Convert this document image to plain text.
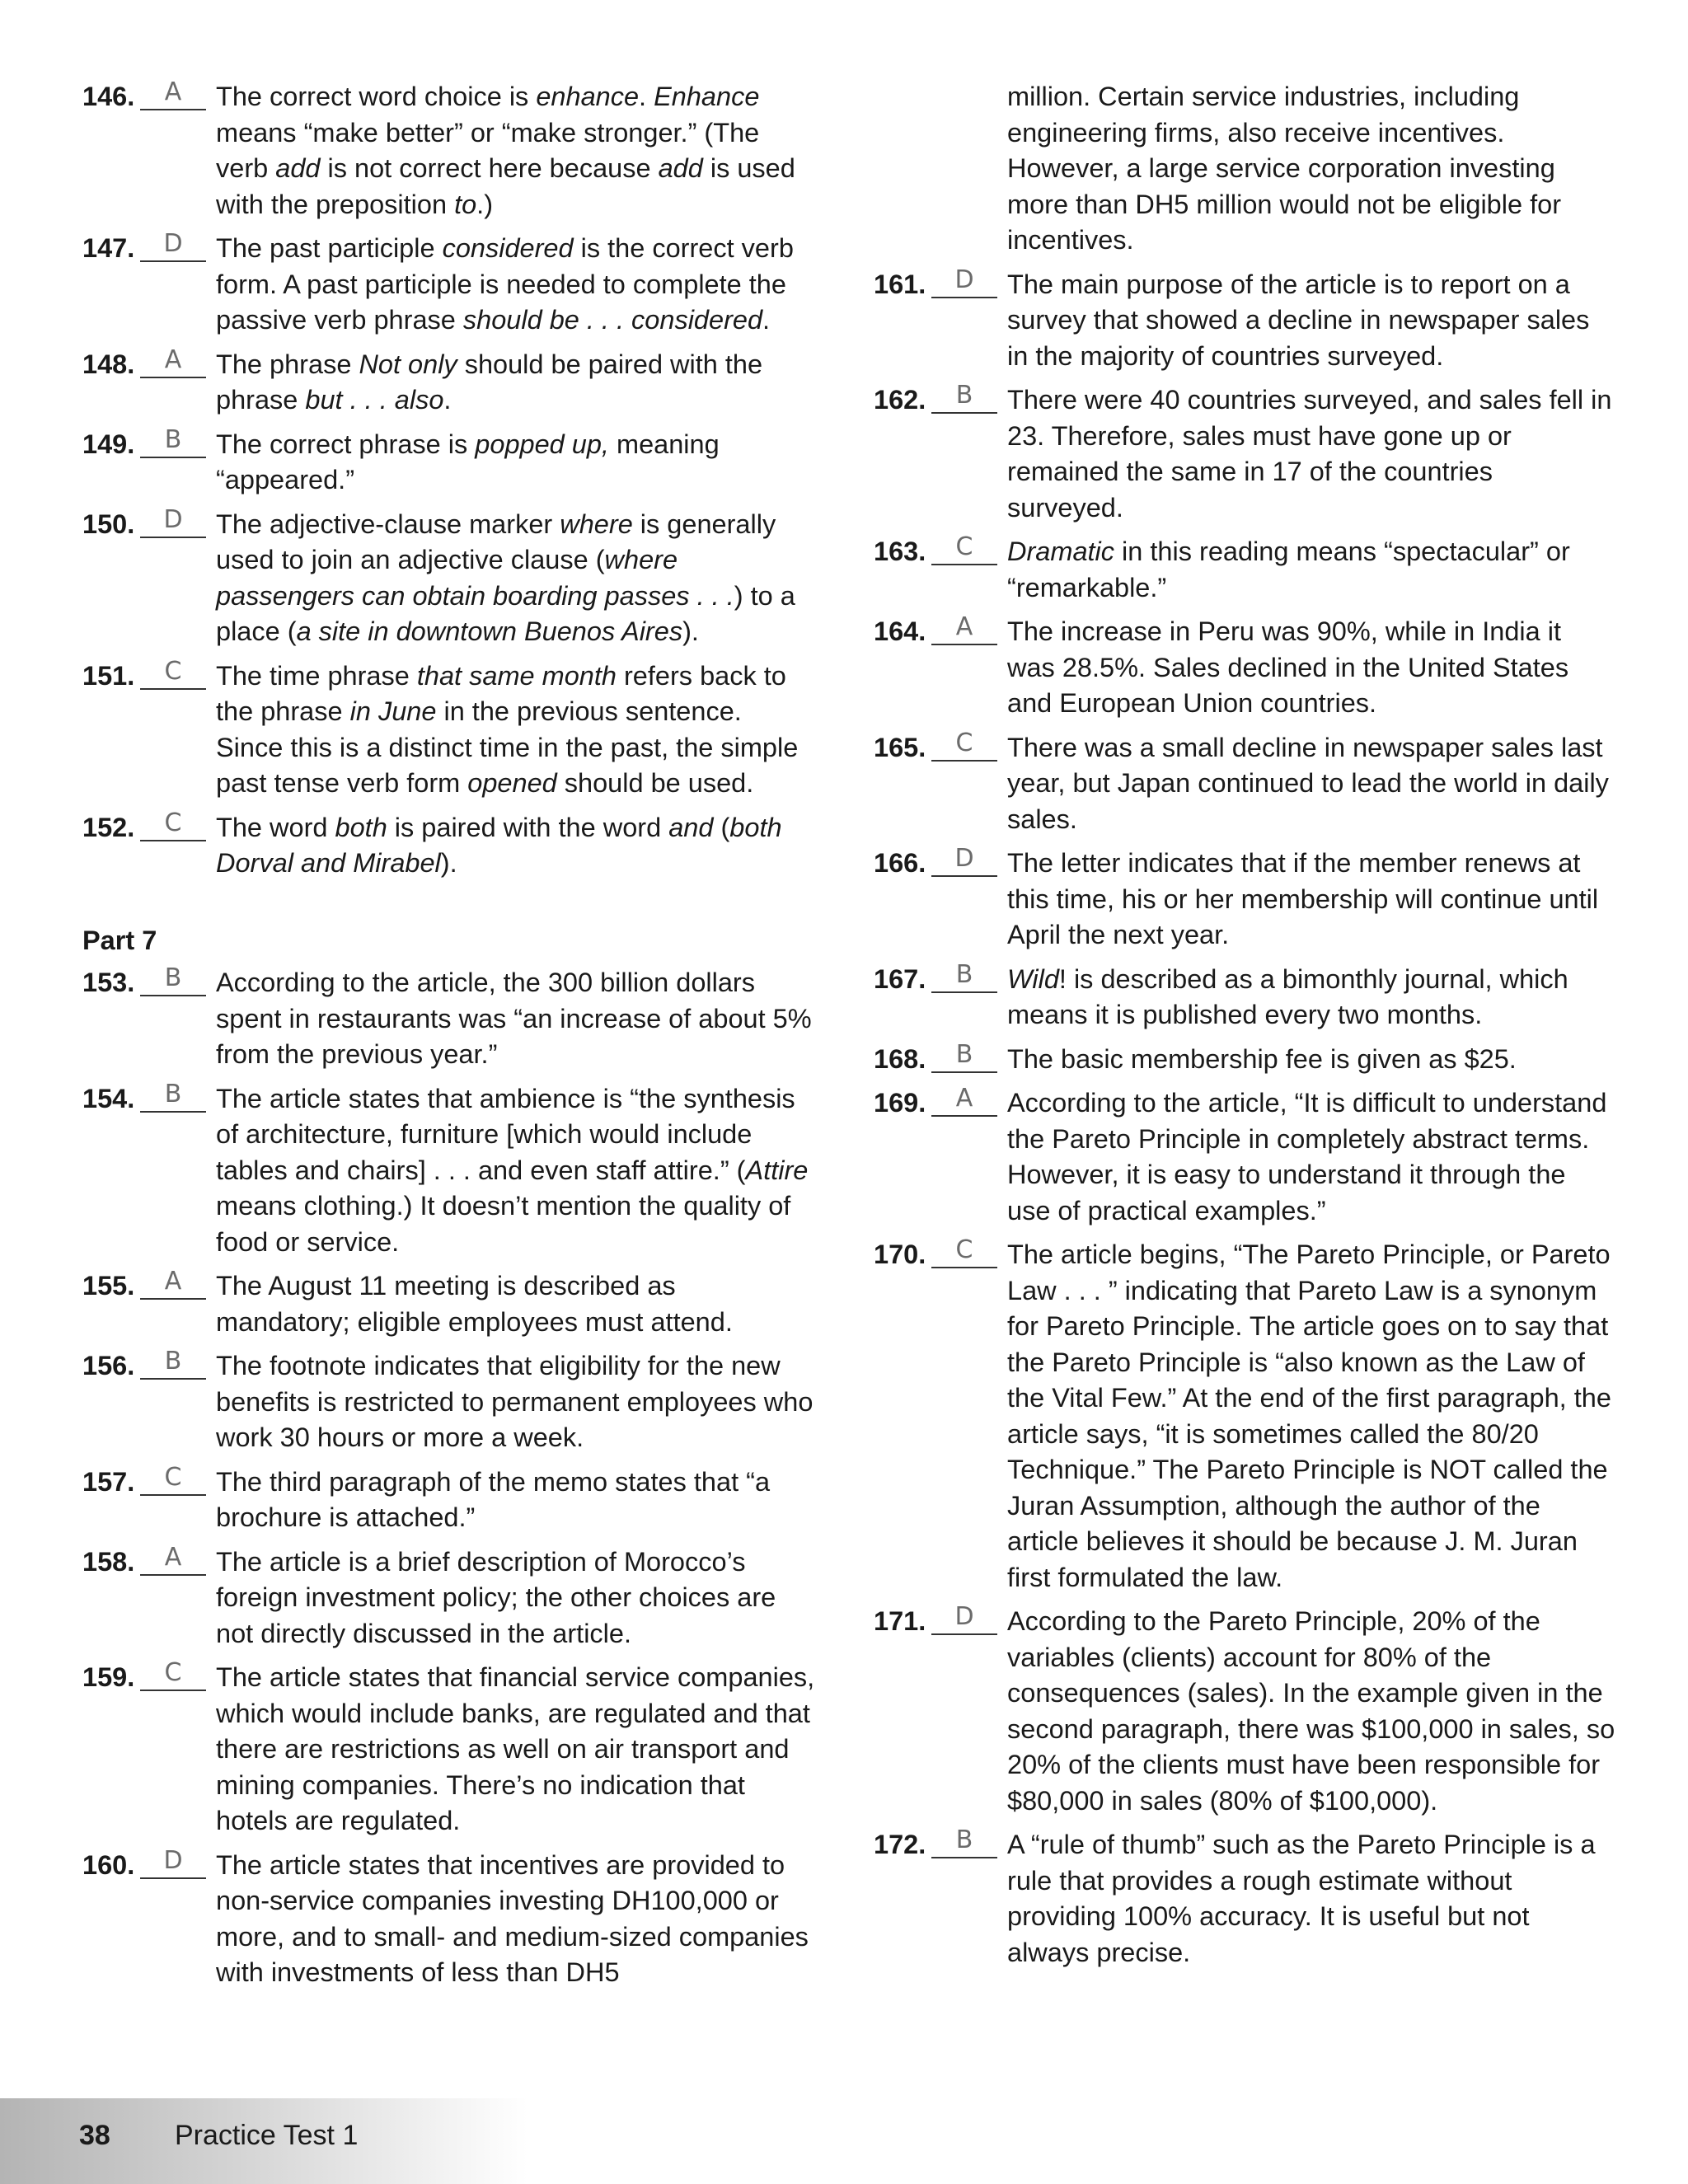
146.	A	The correct word choice is enhance. Enhance means “make better” or “make stronger.” (The verb add is not correct here because add is used with the preposition to.)
147.	D	The past participle considered is the correct verb form. A past participle is needed to complete the passive verb phrase should be . . . considered.
148.	A	The phrase Not only should be paired with the phrase but . . . also.
149.	B	The correct phrase is popped up, meaning “appeared.”
150.	D	The adjective-clause marker where is generally used to join an adjective clause (where passengers can obtain boarding passes . . .) to a place (a site in downtown Buenos Aires).
151.	C	The time phrase that same month refers back to the phrase in June in the previous sentence. Since this is a distinct time in the past, the simple past tense verb form opened should be used.
152.	C	The word both is paired with the word and (both Dorval and Mirabel).
Part 7
153.	B	According to the article, the 300 billion dollars spent in restaurants was “an increase of about 5% from the previous year.”
154.	B	The article states that ambience is “the synthesis of architecture, furniture [which would include tables and chairs] . . . and even staff attire.” (Attire means clothing.) It doesn’t mention the quality of food or service.
155.	A	The August 11 meeting is described as mandatory; eligible employees must attend.
156.	B	The footnote indicates that eligibility for the new benefits is restricted to permanent employees who work 30 hours or more a week.
157.	C	The third paragraph of the memo states that “a brochure is attached.”
158.	A	The article is a brief description of Morocco’s foreign investment policy; the other choices are not directly discussed in the article.
159.	C	The article states that financial service companies, which would include banks, are regulated and that there are restrictions as well on air transport and mining companies. There’s no indication that hotels are regulated.
160.	D	The article states that incentives are provided to non-service companies investing DH100,000 or more, and to small- and medium-sized companies with investments of less than DH5
million. Certain service industries, including engineering firms, also receive incentives. However, a large service corporation investing more than DH5 million would not be eligible for incentives.
161.	D	The main purpose of the article is to report on a survey that showed a decline in newspaper sales in the majority of countries surveyed.
162.	B	There were 40 countries surveyed, and sales fell in 23. Therefore, sales must have gone up or remained the same in 17 of the countries surveyed.
163.	C	Dramatic in this reading means “spectacular” or “remarkable.”
164.	A	The increase in Peru was 90%, while in India it was 28.5%. Sales declined in the United States and European Union countries.
165.	C	There was a small decline in newspaper sales last year, but Japan continued to lead the world in daily sales.
166.	D	The letter indicates that if the member renews at this time, his or her membership will continue until April the next year.
167.	B	Wild! is described as a bimonthly journal, which means it is published every two months.
168.	B	The basic membership fee is given as $25.
169.	A	According to the article, “It is difficult to understand the Pareto Principle in completely abstract terms. However, it is easy to understand it through the use of practical examples.”
170.	C	The article begins, “The Pareto Principle, or Pareto Law . . . ” indicating that Pareto Law is a synonym for Pareto Principle. The article goes on to say that the Pareto Principle is “also known as the Law of the Vital Few.” At the end of the first paragraph, the article says, “it is sometimes called the 80/20 Technique.” The Pareto Principle is NOT called the Juran Assumption, although the author of the article believes it should be because J. M. Juran first formulated the law.
171.	D	According to the Pareto Principle, 20% of the variables (clients) account for 80% of the consequences (sales). In the example given in the second paragraph, there was $100,000 in sales, so 20% of the clients must have been responsible for $80,000 in sales (80% of $100,000).
172.	B	A “rule of thumb” such as the Pareto Principle is a rule that provides a rough estimate without providing 100% accuracy. It is useful but not always precise.
38 Practice Test 1
